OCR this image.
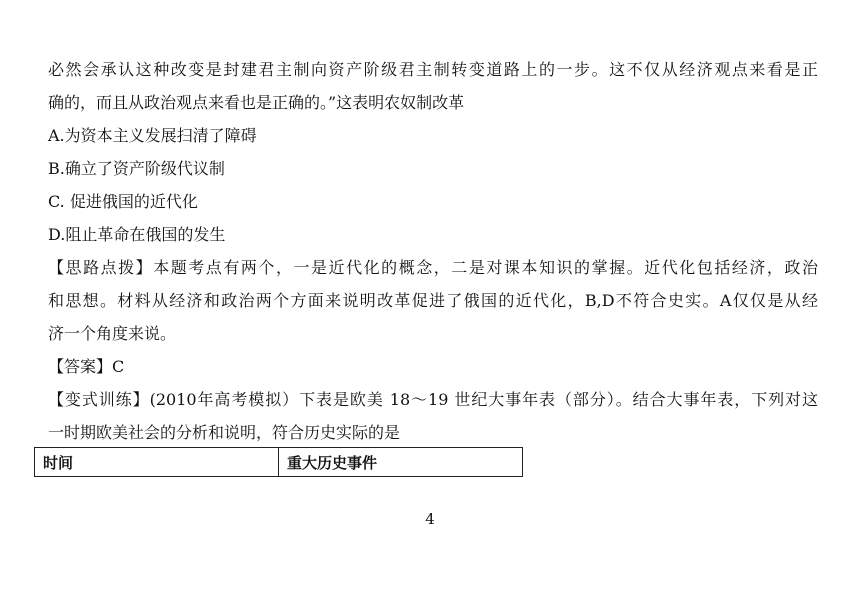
必然会承认这种改变是封建君主制向资产阶级君主制转变道路上的一步。这不仅从经济观点来看是正
确的，而且从政治观点来看也是正确的。”这表明农奴制改革
A.为资本主义发展扫清了障碍
B.确立了资产阶级代议制
C. 促进俄国的近代化
D.阻止革命在俄国的发生
【思路点拨】本题考点有两个，一是近代化的概念，二是对课本知识的掌握。近代化包括经济，政治
和思想。材料从经济和政治两个方面来说明改革促进了俄国的近代化，B,D不符合史实。A仅仅是从经
济一个角度来说。
【答案】C
【变式训练】(2010年高考模拟）下表是欧美 18～19 世纪大事年表（部分）。结合大事年表，下列对这
一时期欧美社会的分析和说明，符合历史实际的是
时间	重大历史事件
4
